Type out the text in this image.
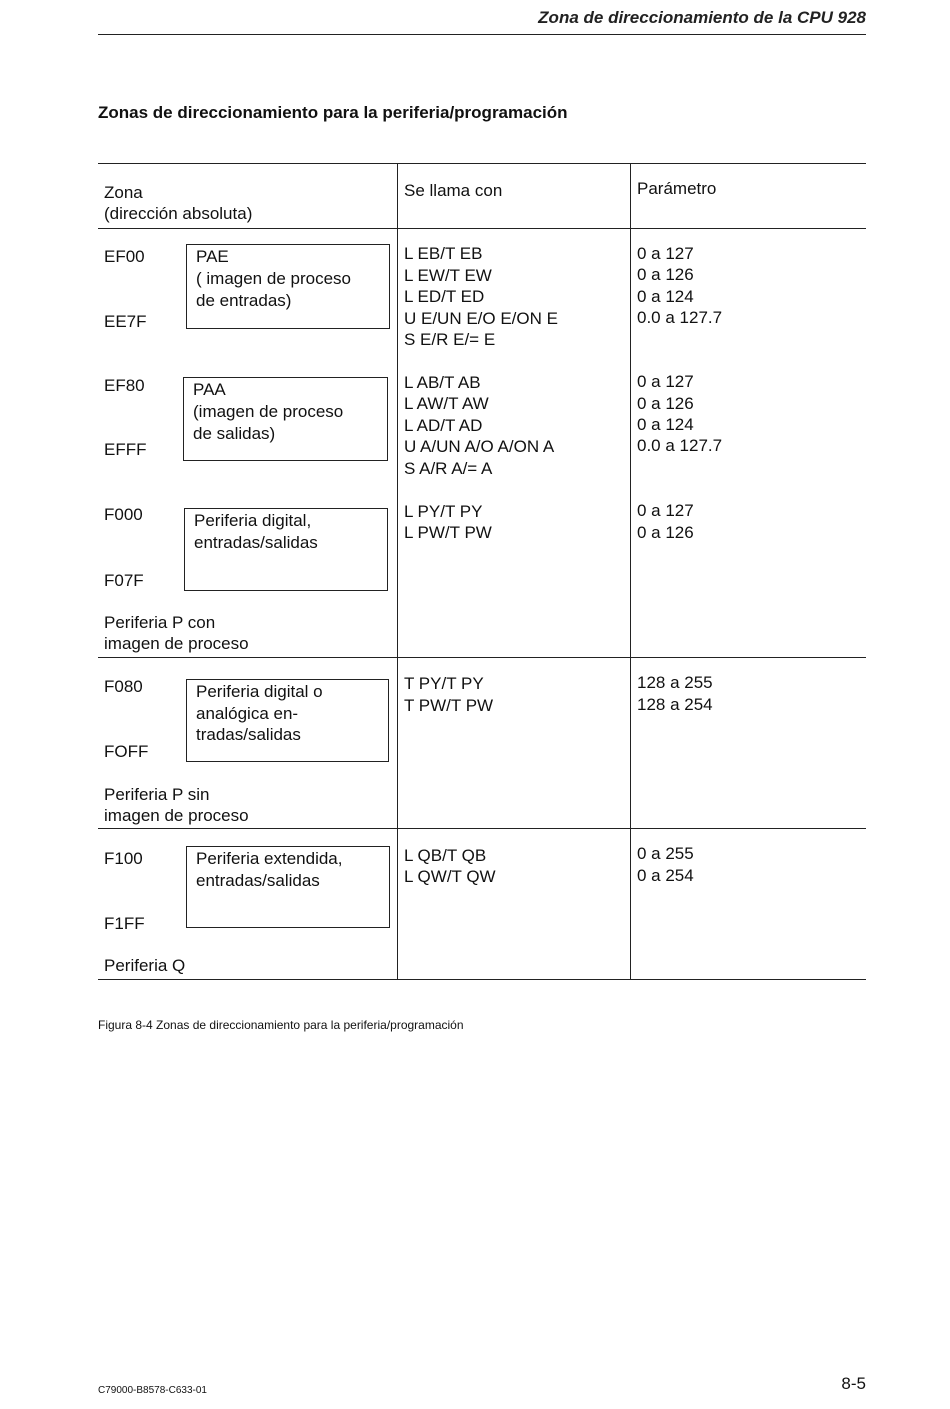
Zona de direccionamiento de la CPU 928
Zonas de direccionamiento para la periferia/programación
Zona
(dirección absoluta)
Se llama con	Parámetro
EF00
EE7F
PAE
( imagen de proceso
de entradas)
L EB/T EB
L EW/T EW
L ED/T ED
U E/UN E/O E/ON E
S E/R E/= E
0 a 127
0 a 126
0 a 124
0.0 a 127.7
EF80
EFFF
PAA
(imagen de proceso
de salidas)
L AB/T AB
L AW/T AW
L AD/T AD
U A/UN A/O A/ON A
S A/R A/= A
0 a 127
0 a 126
0 a 124
0.0 a 127.7
F000
F07F
Periferia digital,
entradas/salidas
Periferia P con
imagen de proceso
L PY/T PY
L PW/T PW
0 a 127
0 a 126
F080
FOFF
Periferia digital o
analógica en-
tradas/salidas
Periferia P sin
imagen de proceso
T PY/T PY
T PW/T PW
128 a 255
128 a 254
F100
F1FF
Periferia extendida,
entradas/salidas
Periferia Q
L QB/T QB
L QW/T QW
0 a 255
0 a 254
Figura 8-4 Zonas de direccionamiento para la periferia/programación
C79000-B8578-C633-01	8-5
